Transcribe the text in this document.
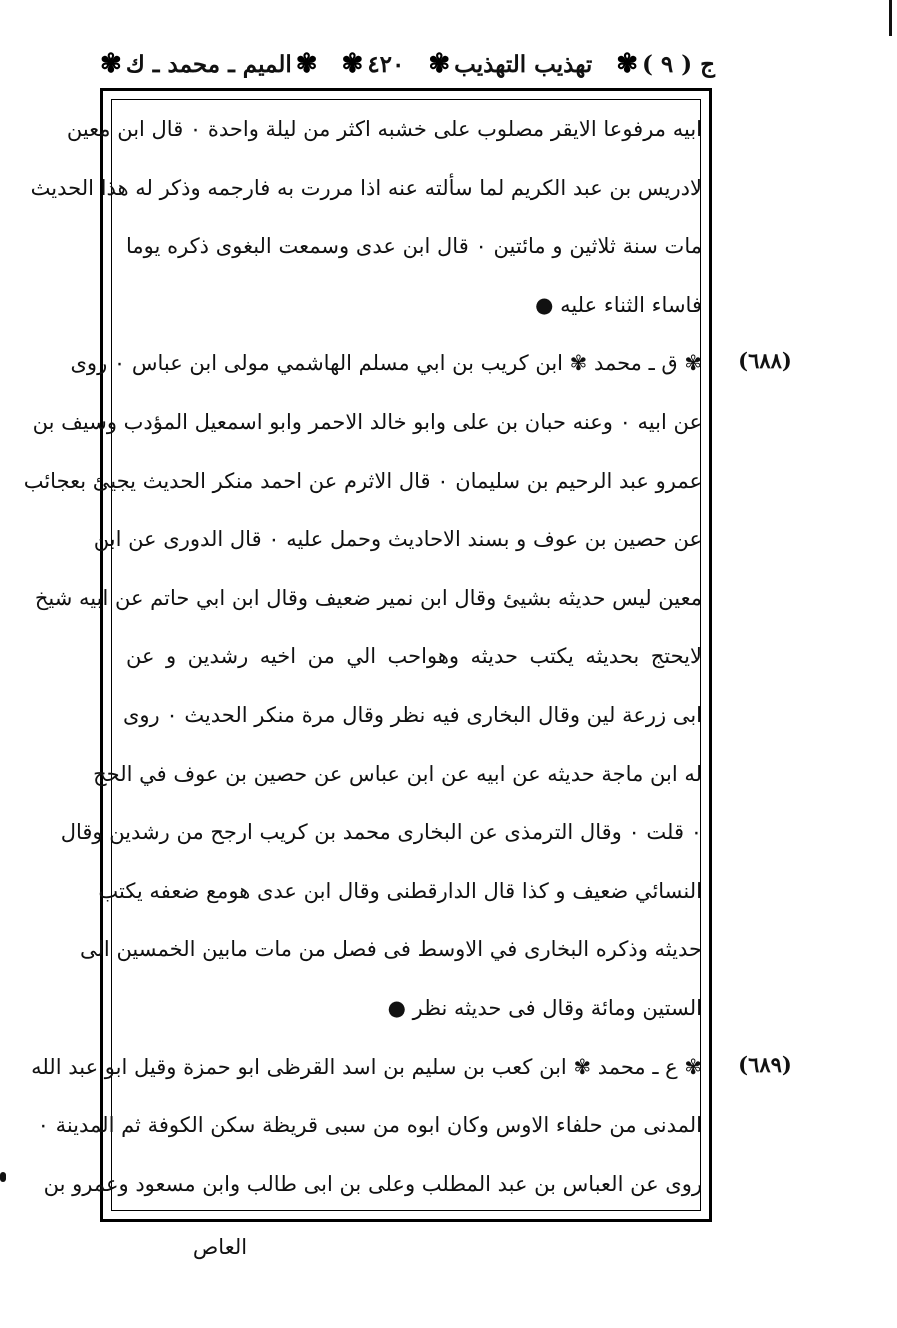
ج ( ٩ )
✾
تهذيب التهذيب
✾
٤٢٠
✾
✾
الميم ـ محمد ـ ك
✾
ابيه مرفوعا الايقر مصلوب على خشبه اكثر من ليلة واحدة ٠ قال ابن معين
لادريس بن عبد الكريم لما سألته عنه اذا مررت به فارجمه وذكر له هذا الحديث
مات سنة ثلاثين و مائتين ٠ قال ابن عدى وسمعت البغوى ذكره يوما
فاساء الثناء عليه ●
✾ ق ـ محمد ✾ ابن كريب بن ابي مسلم الهاشمي مولى ابن عباس ٠ روى
عن ابيه ٠ وعنه حبان بن على وابو خالد الاحمر وابو اسمعيل المؤدب وسيف بن
عمرو عبد الرحيم بن سليمان ٠ قال الاثرم عن احمد منكر الحديث يجيئ بعجائب
عن حصين بن عوف و بسند الاحاديث وحمل عليه ٠ قال الدورى عن ابن
معين ليس حديثه بشيئ وقال ابن نمير ضعيف وقال ابن ابي حاتم عن ابيه شيخ
لايحتج بحديثه يكتب حديثه وهواحب الي من اخيه رشدين و عن
ابى زرعة لين وقال البخارى فيه نظر وقال مرة منكر الحديث ٠ روى
له ابن ماجة حديثه عن ابيه عن ابن عباس عن حصين بن عوف في الحج
٠ قلت ٠ وقال الترمذى عن البخارى محمد بن كريب ارجح من رشدين وقال
النسائي ضعيف و كذا قال الدارقطنى وقال ابن عدى هومع ضعفه يكتب
حديثه وذكره البخارى في الاوسط فى فصل من مات مابين الخمسين الى
الستين ومائة وقال فى حديثه نظر ●
✾ ع ـ محمد ✾ ابن كعب بن سليم بن اسد القرظى ابو حمزة وقيل ابو عبد الله
المدنى من حلفاء الاوس وكان ابوه من سبى قريظة سكن الكوفة ثم المدينة ٠
روى عن العباس بن عبد المطلب وعلى بن ابى طالب وابن مسعود وعمرو بن
(٦٨٨)
(٦٨٩)
العاص
